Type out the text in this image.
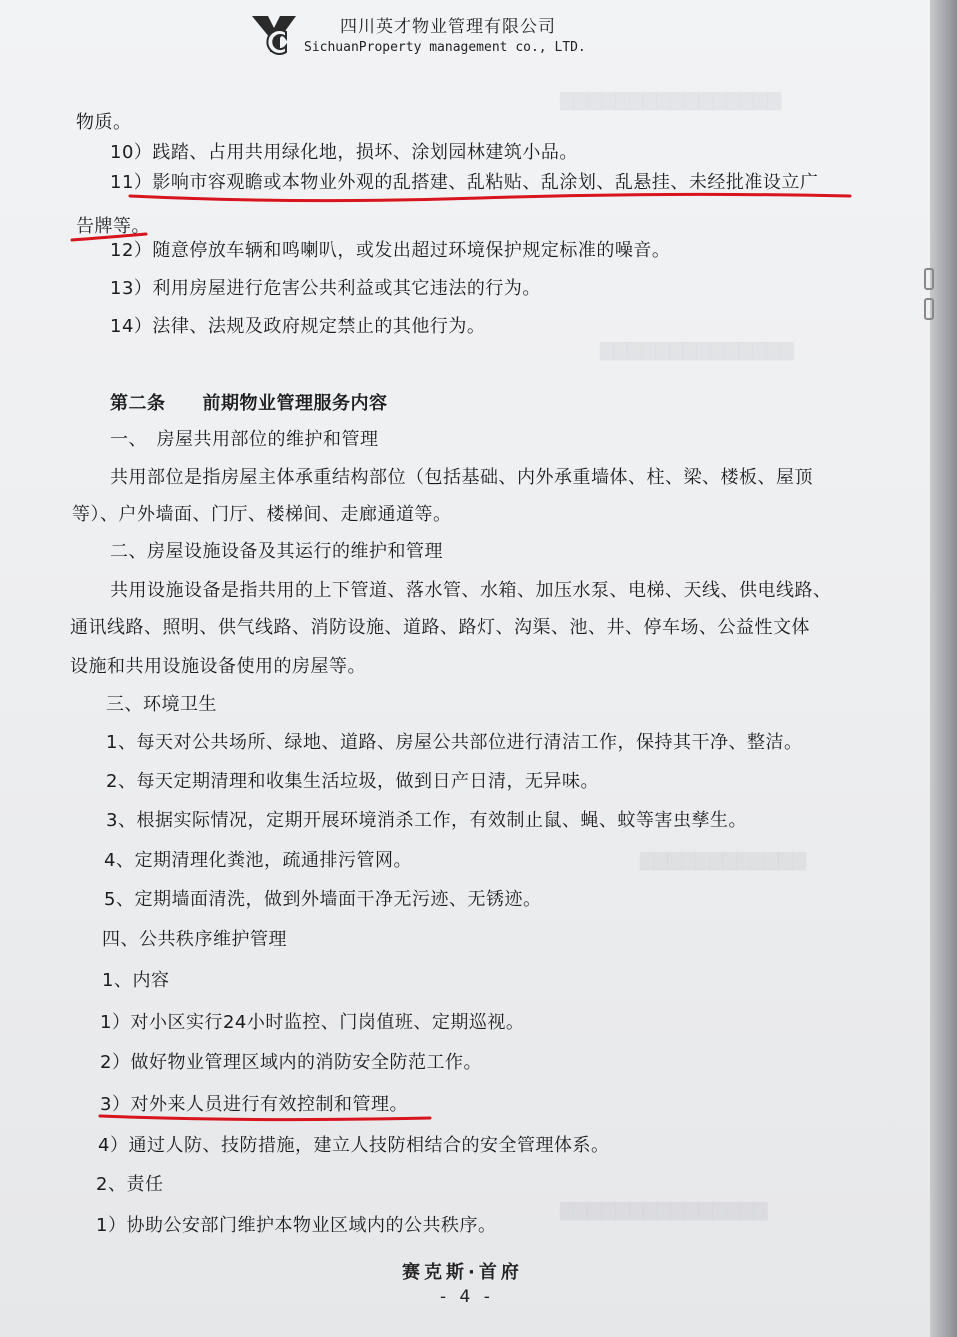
▇▇▇▇▇▇▇▇▇▇▇▇▇▇▇▇
▇▇▇▇▇▇▇▇▇▇▇▇▇▇
▇▇▇▇▇▇▇▇▇▇▇▇
▇▇▇▇▇▇▇▇▇▇▇▇▇▇▇
四川英才物业管理有限公司
SichuanProperty management co., LTD.
物质。
10）践踏、占用共用绿化地，损坏、涂划园林建筑小品。
11）影响市容观瞻或本物业外观的乱搭建、乱粘贴、乱涂划、乱悬挂、未经批准设立广
告牌等。
12）随意停放车辆和鸣喇叭，或发出超过环境保护规定标准的噪音。
13）利用房屋进行危害公共利益或其它违法的行为。
14）法律、法规及政府规定禁止的其他行为。
第二条　　前期物业管理服务内容
一、　房屋共用部位的维护和管理
共用部位是指房屋主体承重结构部位（包括基础、内外承重墙体、柱、梁、楼板、屋顶
等）、户外墙面、门厅、楼梯间、走廊通道等。
二、房屋设施设备及其运行的维护和管理
共用设施设备是指共用的上下管道、落水管、水箱、加压水泵、电梯、天线、供电线路、
通讯线路、照明、供气线路、消防设施、道路、路灯、沟渠、池、井、停车场、公益性文体
设施和共用设施设备使用的房屋等。
三、环境卫生
1、每天对公共场所、绿地、道路、房屋公共部位进行清洁工作，保持其干净、整洁。
2、每天定期清理和收集生活垃圾，做到日产日清，无异味。
3、根据实际情况，定期开展环境消杀工作，有效制止鼠、蝇、蚊等害虫孳生。
4、定期清理化粪池，疏通排污管网。
5、定期墙面清洗，做到外墙面干净无污迹、无锈迹。
四、公共秩序维护管理
1、内容
1）对小区实行24小时监控、门岗值班、定期巡视。
2）做好物业管理区域内的消防安全防范工作。
3）对外来人员进行有效控制和管理。
4）通过人防、技防措施，建立人技防相结合的安全管理体系。
2、责任
1）协助公安部门维护本物业区域内的公共秩序。
赛克斯·首府
- 4 -
